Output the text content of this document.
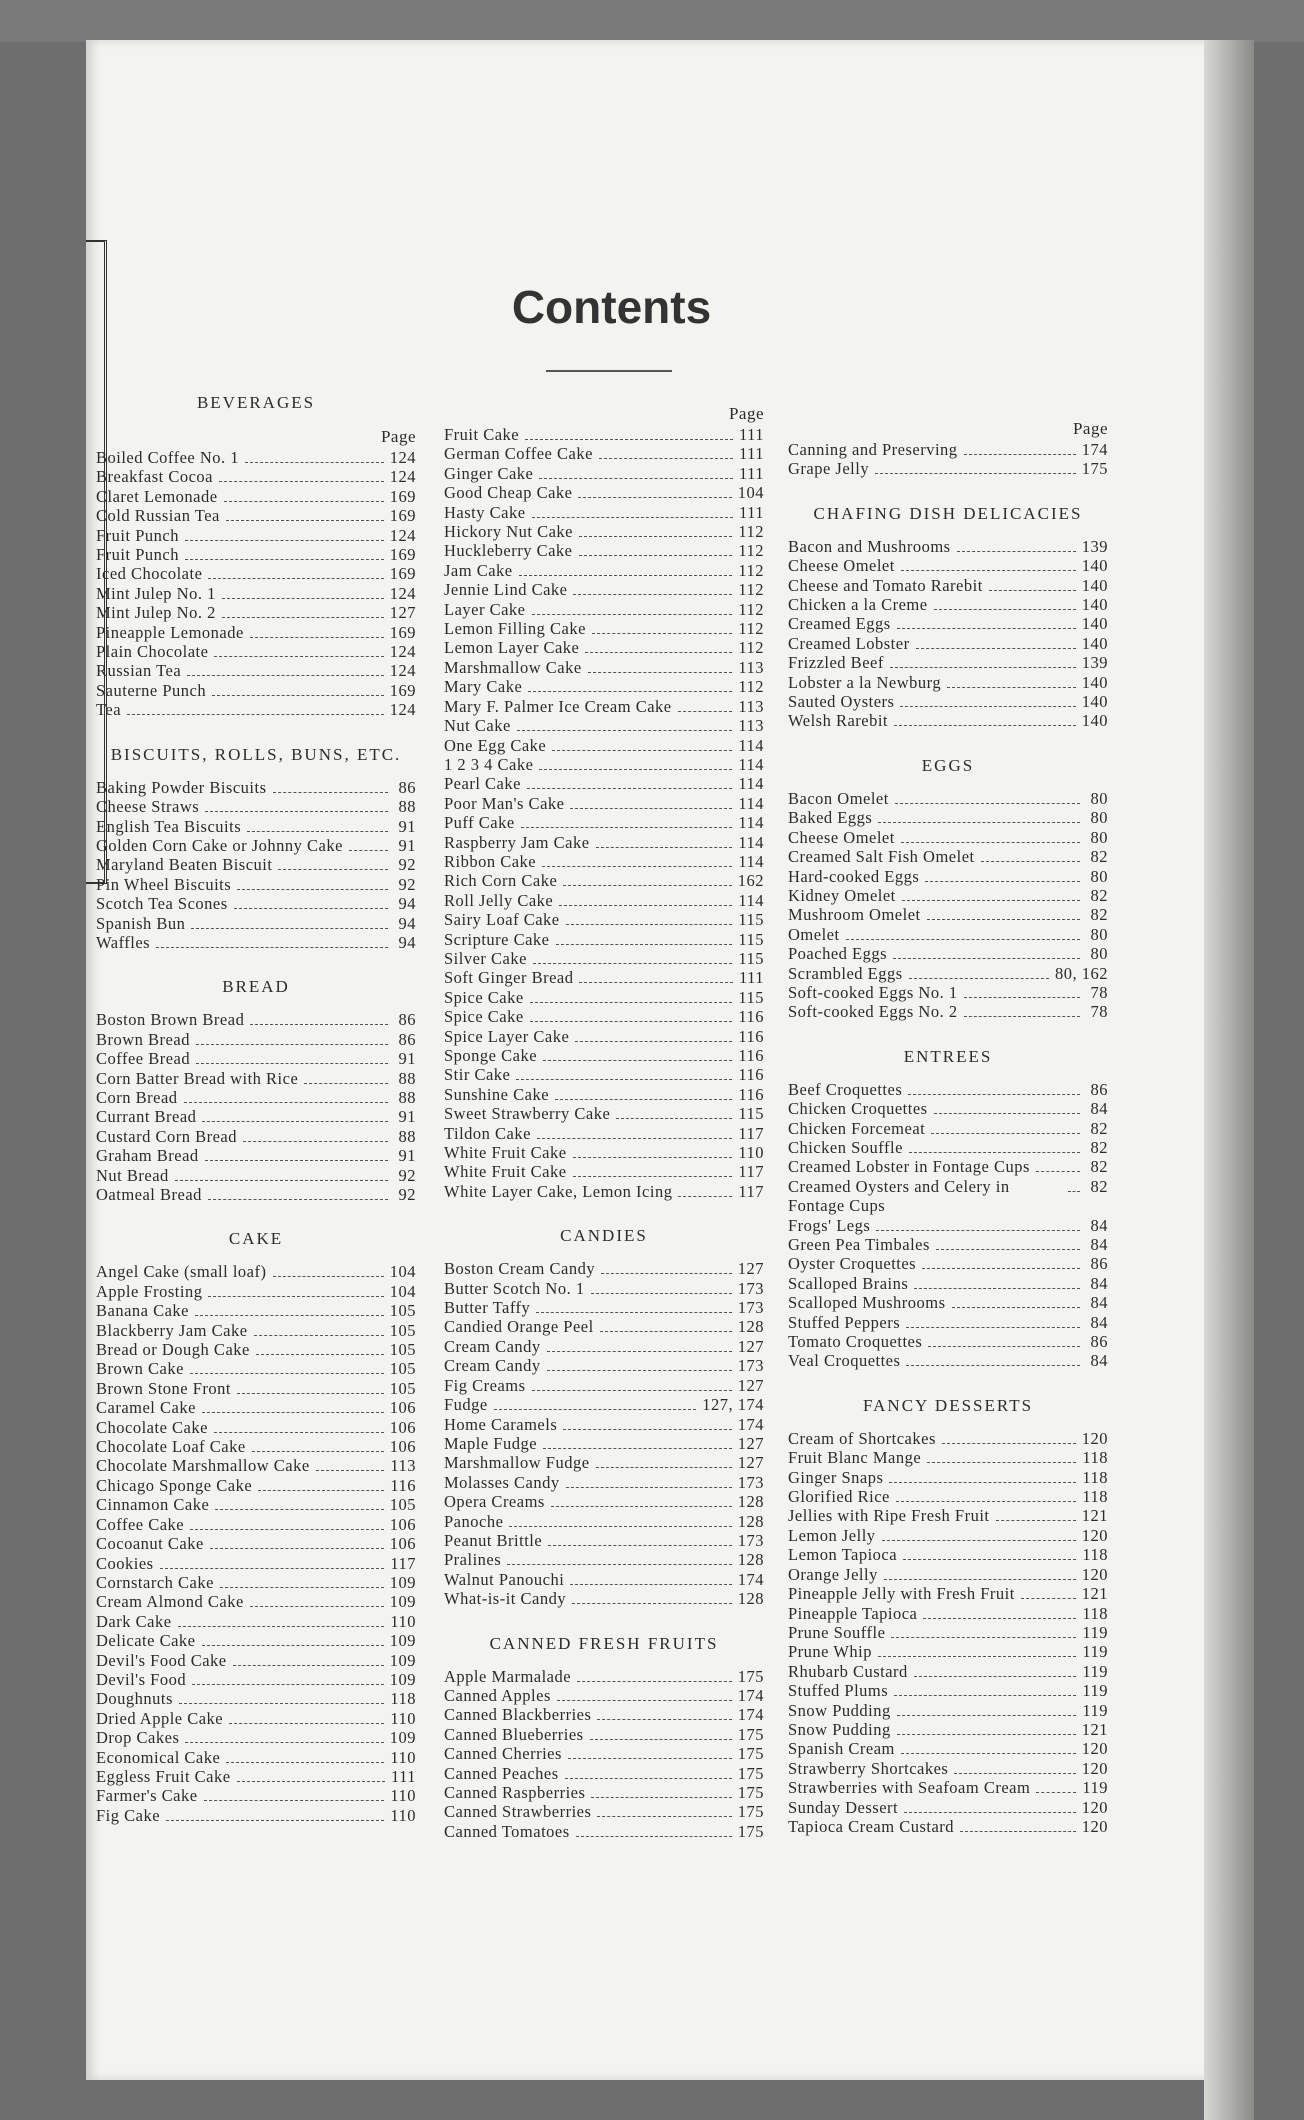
Contents
BEVERAGES
Page
Boiled Coffee No. 1	124
Breakfast Cocoa	124
Claret Lemonade	169
Cold Russian Tea	169
Fruit Punch	124
Fruit Punch	169
Iced Chocolate	169
Mint Julep No. 1	124
Mint Julep No. 2	127
Pineapple Lemonade	169
Plain Chocolate	124
Russian Tea	124
Sauterne Punch	169
Tea	124
BISCUITS, ROLLS, BUNS, ETC.
Baking Powder Biscuits	86
Cheese Straws	88
English Tea Biscuits	91
Golden Corn Cake or Johnny Cake	91
Maryland Beaten Biscuit	92
Pin Wheel Biscuits	92
Scotch Tea Scones	94
Spanish Bun	94
Waffles	94
BREAD
Boston Brown Bread	86
Brown Bread	86
Coffee Bread	91
Corn Batter Bread with Rice	88
Corn Bread	88
Currant Bread	91
Custard Corn Bread	88
Graham Bread	91
Nut Bread	92
Oatmeal Bread	92
CAKE
Angel Cake (small loaf)	104
Apple Frosting	104
Banana Cake	105
Blackberry Jam Cake	105
Bread or Dough Cake	105
Brown Cake	105
Brown Stone Front	105
Caramel Cake	106
Chocolate Cake	106
Chocolate Loaf Cake	106
Chocolate Marshmallow Cake	113
Chicago Sponge Cake	116
Cinnamon Cake	105
Coffee Cake	106
Cocoanut Cake	106
Cookies	117
Cornstarch Cake	109
Cream Almond Cake	109
Dark Cake	110
Delicate Cake	109
Devil's Food Cake	109
Devil's Food	109
Doughnuts	118
Dried Apple Cake	110
Drop Cakes	109
Economical Cake	110
Eggless Fruit Cake	111
Farmer's Cake	110
Fig Cake	110
Page
Fruit Cake	111
German Coffee Cake	111
Ginger Cake	111
Good Cheap Cake	104
Hasty Cake	111
Hickory Nut Cake	112
Huckleberry Cake	112
Jam Cake	112
Jennie Lind Cake	112
Layer Cake	112
Lemon Filling Cake	112
Lemon Layer Cake	112
Marshmallow Cake	113
Mary Cake	112
Mary F. Palmer Ice Cream Cake	113
Nut Cake	113
One Egg Cake	114
1 2 3 4 Cake	114
Pearl Cake	114
Poor Man's Cake	114
Puff Cake	114
Raspberry Jam Cake	114
Ribbon Cake	114
Rich Corn Cake	162
Roll Jelly Cake	114
Sairy Loaf Cake	115
Scripture Cake	115
Silver Cake	115
Soft Ginger Bread	111
Spice Cake	115
Spice Cake	116
Spice Layer Cake	116
Sponge Cake	116
Stir Cake	116
Sunshine Cake	116
Sweet Strawberry Cake	115
Tildon Cake	117
White Fruit Cake	110
White Fruit Cake	117
White Layer Cake, Lemon Icing	117
CANDIES
Boston Cream Candy	127
Butter Scotch No. 1	173
Butter Taffy	173
Candied Orange Peel	128
Cream Candy	127
Cream Candy	173
Fig Creams	127
Fudge	127, 174
Home Caramels	174
Maple Fudge	127
Marshmallow Fudge	127
Molasses Candy	173
Opera Creams	128
Panoche	128
Peanut Brittle	173
Pralines	128
Walnut Panouchi	174
What-is-it Candy	128
CANNED FRESH FRUITS
Apple Marmalade	175
Canned Apples	174
Canned Blackberries	174
Canned Blueberries	175
Canned Cherries	175
Canned Peaches	175
Canned Raspberries	175
Canned Strawberries	175
Canned Tomatoes	175
Page
Canning and Preserving	174
Grape Jelly	175
CHAFING DISH DELICACIES
Bacon and Mushrooms	139
Cheese Omelet	140
Cheese and Tomato Rarebit	140
Chicken a la Creme	140
Creamed Eggs	140
Creamed Lobster	140
Frizzled Beef	139
Lobster a la Newburg	140
Sauted Oysters	140
Welsh Rarebit	140
EGGS
Bacon Omelet	80
Baked Eggs	80
Cheese Omelet	80
Creamed Salt Fish Omelet	82
Hard-cooked Eggs	80
Kidney Omelet	82
Mushroom Omelet	82
Omelet	80
Poached Eggs	80
Scrambled Eggs	80, 162
Soft-cooked Eggs No. 1	78
Soft-cooked Eggs No. 2	78
ENTREES
Beef Croquettes	86
Chicken Croquettes	84
Chicken Forcemeat	82
Chicken Souffle	82
Creamed Lobster in Fontage Cups	82
Creamed Oysters and Celery in Fontage Cups
82
Frogs' Legs	84
Green Pea Timbales	84
Oyster Croquettes	86
Scalloped Brains	84
Scalloped Mushrooms	84
Stuffed Peppers	84
Tomato Croquettes	86
Veal Croquettes	84
FANCY DESSERTS
Cream of Shortcakes	120
Fruit Blanc Mange	118
Ginger Snaps	118
Glorified Rice	118
Jellies with Ripe Fresh Fruit	121
Lemon Jelly	120
Lemon Tapioca	118
Orange Jelly	120
Pineapple Jelly with Fresh Fruit	121
Pineapple Tapioca	118
Prune Souffle	119
Prune Whip	119
Rhubarb Custard	119
Stuffed Plums	119
Snow Pudding	119
Snow Pudding	121
Spanish Cream	120
Strawberry Shortcakes	120
Strawberries with Seafoam Cream	119
Sunday Dessert	120
Tapioca Cream Custard	120
